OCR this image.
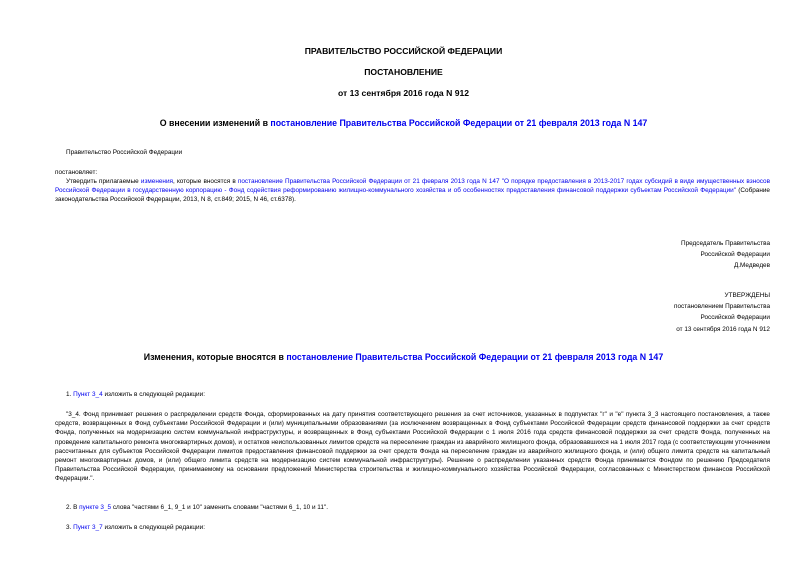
ПРАВИТЕЛЬСТВО РОССИЙСКОЙ ФЕДЕРАЦИИ
ПОСТАНОВЛЕНИЕ
от 13 сентября 2016 года N 912
О внесении изменений в постановление Правительства Российской Федерации от 21 февраля 2013 года N 147
Правительство Российской Федерации
постановляет:
Утвердить прилагаемые изменения, которые вносятся в постановление Правительства Российской Федерации от 21 февраля 2013 года N 147 "О порядке предоставления в 2013-2017 годах субсидий в виде имущественных взносов Российской Федерации в государственную корпорацию - Фонд содействия реформированию жилищно-коммунального хозяйства и об особенностях предоставления финансовой поддержки субъектам Российской Федерации" (Собрание законодательства Российской Федерации, 2013, N 8, ст.849; 2015, N 46, ст.6378).
Председатель Правительства
Российской Федерации
Д.Медведев
УТВЕРЖДЕНЫ
постановлением Правительства
Российской Федерации
от 13 сентября 2016 года N 912
Изменения, которые вносятся в постановление Правительства Российской Федерации от 21 февраля 2013 года N 147
1. Пункт 3_4 изложить в следующей редакции:
"3_4. Фонд принимает решения о распределении средств Фонда, сформированных на дату принятия соответствующего решения за счет источников, указанных в подпунктах "г" и "е" пункта 3_3 настоящего постановления, а также средств, возвращенных в Фонд субъектами Российской Федерации и (или) муниципальными образованиями (за исключением возвращенных в Фонд субъектами Российской Федерации средств финансовой поддержки за счет средств Фонда, полученных на модернизацию систем коммунальной инфраструктуры, и возвращенных в Фонд субъектами Российской Федерации с 1 июля 2016 года средств финансовой поддержки за счет средств Фонда, полученных на проведение капитального ремонта многоквартирных домов), и остатков неиспользованных лимитов средств на переселение граждан из аварийного жилищного фонда, образовавшихся на 1 июля 2017 года (с соответствующим уточнением рассчитанных для субъектов Российской Федерации лимитов предоставления финансовой поддержки за счет средств Фонда на переселение граждан из аварийного жилищного фонда, и (или) общего лимита средств на капитальный ремонт многоквартирных домов, и (или) общего лимита средств на модернизацию систем коммунальной инфраструктуры). Решение о распределении указанных средств Фонда принимается Фондом по решению Председателя Правительства Российской Федерации, принимаемому на основании предложений Министерства строительства и жилищно-коммунального хозяйства Российской Федерации, согласованных с Министерством финансов Российской Федерации.".
2. В пункте 3_5 слова "частями 6_1, 9_1 и 10" заменить словами "частями 6_1, 10 и 11".
3. Пункт 3_7 изложить в следующей редакции:
